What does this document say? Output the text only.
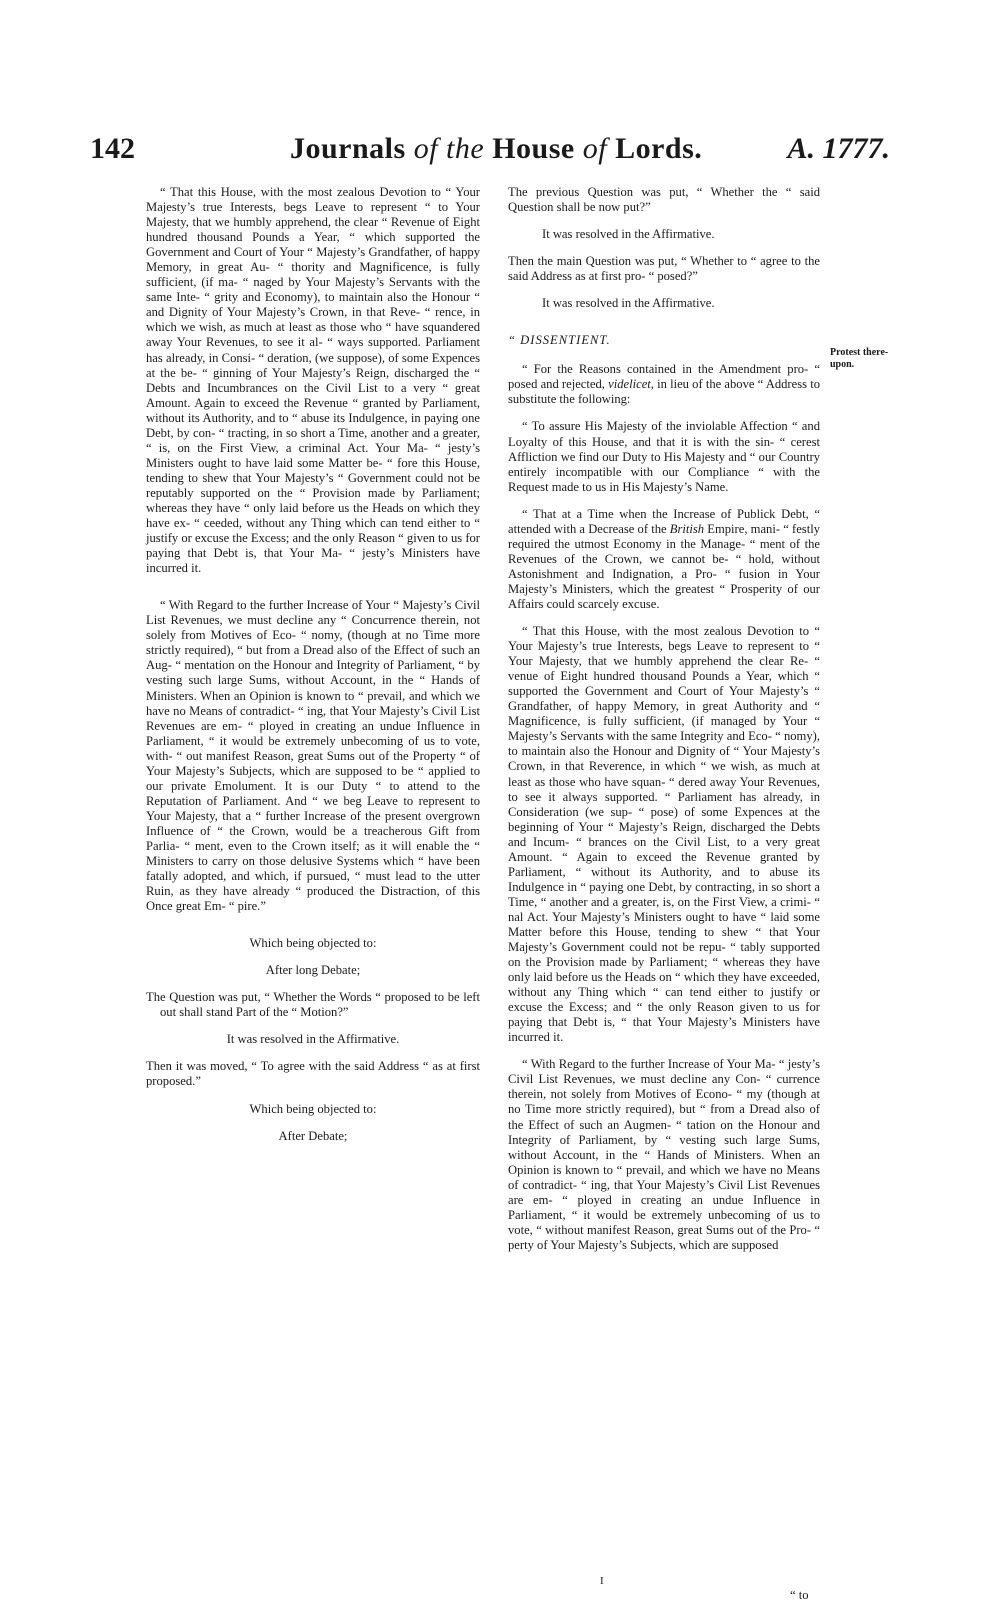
142	Journals of the House of Lords.	A. 1777.

“ That this House, with the most zealous Devotion to “ Your Majesty’s true Interests, begs Leave to represent “ to Your Majesty, that we humbly apprehend, the clear “ Revenue of Eight hundred thousand Pounds a Year, “ which supported the Government and Court of Your “ Majesty’s Grandfather, of happy Memory, in great Au- “ thority and Magnificence, is fully sufficient, (if ma- “ naged by Your Majesty’s Servants with the same Inte- “ grity and Economy), to maintain also the Honour “ and Dignity of Your Majesty’s Crown, in that Reve- “ rence, in which we wish, as much at least as those who “ have squandered away Your Revenues, to see it al- “ ways supported. Parliament has already, in Consi- “ deration, (we suppose), of some Expences at the be- “ ginning of Your Majesty’s Reign, discharged the “ Debts and Incumbrances on the Civil List to a very “ great Amount. Again to exceed the Revenue “ granted by Parliament, without its Authority, and to “ abuse its Indulgence, in paying one Debt, by con- “ tracting, in so short a Time, another and a greater, “ is, on the First View, a criminal Act. Your Ma- “ jesty’s Ministers ought to have laid some Matter be- “ fore this House, tending to shew that Your Majesty’s “ Government could not be reputably supported on the “ Provision made by Parliament; whereas they have “ only laid before us the Heads on which they have ex- “ ceeded, without any Thing which can tend either to “ justify or excuse the Excess; and the only Reason “ given to us for paying that Debt is, that Your Ma- “ jesty’s Ministers have incurred it.

“ With Regard to the further Increase of Your “ Majesty’s Civil List Revenues, we must decline any “ Concurrence therein, not solely from Motives of Eco- “ nomy, (though at no Time more strictly required), “ but from a Dread also of the Effect of such an Aug- “ mentation on the Honour and Integrity of Parliament, “ by vesting such large Sums, without Account, in the “ Hands of Ministers. When an Opinion is known to “ prevail, and which we have no Means of contradict- “ ing, that Your Majesty’s Civil List Revenues are em- “ ployed in creating an undue Influence in Parliament, “ it would be extremely unbecoming of us to vote, with- “ out manifest Reason, great Sums out of the Property “ of Your Majesty’s Subjects, which are supposed to be “ applied to our private Emolument. It is our Duty “ to attend to the Reputation of Parliament. And “ we beg Leave to represent to Your Majesty, that a “ further Increase of the present overgrown Influence of “ the Crown, would be a treacherous Gift from Parlia- “ ment, even to the Crown itself; as it will enable the “ Ministers to carry on those delusive Systems which “ have been fatally adopted, and which, if pursued, “ must lead to the utter Ruin, as they have already “ produced the Distraction, of this Once great Em- “ pire.”

Which being objected to:

After long Debate;

The Question was put, “ Whether the Words “ proposed to be left out shall stand Part of the “ Motion?”

It was resolved in the Affirmative.

Then it was moved, “ To agree with the said Address “ as at first proposed.”

Which being objected to:

After Debate;

The previous Question was put, “ Whether the “ said Question shall be now put?”

It was resolved in the Affirmative.

Then the main Question was put, “ Whether to “ agree to the said Address as at first pro- “ posed?”

It was resolved in the Affirmative.

“ DISSENTIENT.

“ For the Reasons contained in the Amendment pro- “ posed and rejected, videlicet, in lieu of the above “ Address to substitute the following:

“ To assure His Majesty of the inviolable Affection “ and Loyalty of this House, and that it is with the sin- “ cerest Affliction we find our Duty to His Majesty and “ our Country entirely incompatible with our Compliance “ with the Request made to us in His Majesty’s Name.

“ That at a Time when the Increase of Publick Debt, “ attended with a Decrease of the British Empire, mani- “ festly required the utmost Economy in the Manage- “ ment of the Revenues of the Crown, we cannot be- “ hold, without Astonishment and Indignation, a Pro- “ fusion in Your Majesty’s Ministers, which the greatest “ Prosperity of our Affairs could scarcely excuse.

“ That this House, with the most zealous Devotion to “ Your Majesty’s true Interests, begs Leave to represent to “ Your Majesty, that we humbly apprehend the clear Re- “ venue of Eight hundred thousand Pounds a Year, which “ supported the Government and Court of Your Majesty’s “ Grandfather, of happy Memory, in great Authority and “ Magnificence, is fully sufficient, (if managed by Your “ Majesty’s Servants with the same Integrity and Eco- “ nomy), to maintain also the Honour and Dignity of “ Your Majesty’s Crown, in that Reverence, in which “ we wish, as much at least as those who have squan- “ dered away Your Revenues, to see it always supported. “ Parliament has already, in Consideration (we sup- “ pose) of some Expences at the beginning of Your “ Majesty’s Reign, discharged the Debts and Incum- “ brances on the Civil List, to a very great Amount. “ Again to exceed the Revenue granted by Parliament, “ without its Authority, and to abuse its Indulgence in “ paying one Debt, by contracting, in so short a Time, “ another and a greater, is, on the First View, a crimi- “ nal Act. Your Majesty’s Ministers ought to have “ laid some Matter before this House, tending to shew “ that Your Majesty’s Government could not be repu- “ tably supported on the Provision made by Parliament; “ whereas they have only laid before us the Heads on “ which they have exceeded, without any Thing which “ can tend either to justify or excuse the Excess; and “ the only Reason given to us for paying that Debt is, “ that Your Majesty’s Ministers have incurred it.

“ With Regard to the further Increase of Your Ma- “ jesty’s Civil List Revenues, we must decline any Con- “ currence therein, not solely from Motives of Econo- “ my (though at no Time more strictly required), but “ from a Dread also of the Effect of such an Augmen- “ tation on the Honour and Integrity of Parliament, by “ vesting such large Sums, without Account, in the “ Hands of Ministers. When an Opinion is known to “ prevail, and which we have no Means of contradict- “ ing, that Your Majesty’s Civil List Revenues are em- “ ployed in creating an undue Influence in Parliament, “ it would be extremely unbecoming of us to vote, “ without manifest Reason, great Sums out of the Pro- “ perty of Your Majesty’s Subjects, which are supposed

Protest there- upon.
I
“ to
